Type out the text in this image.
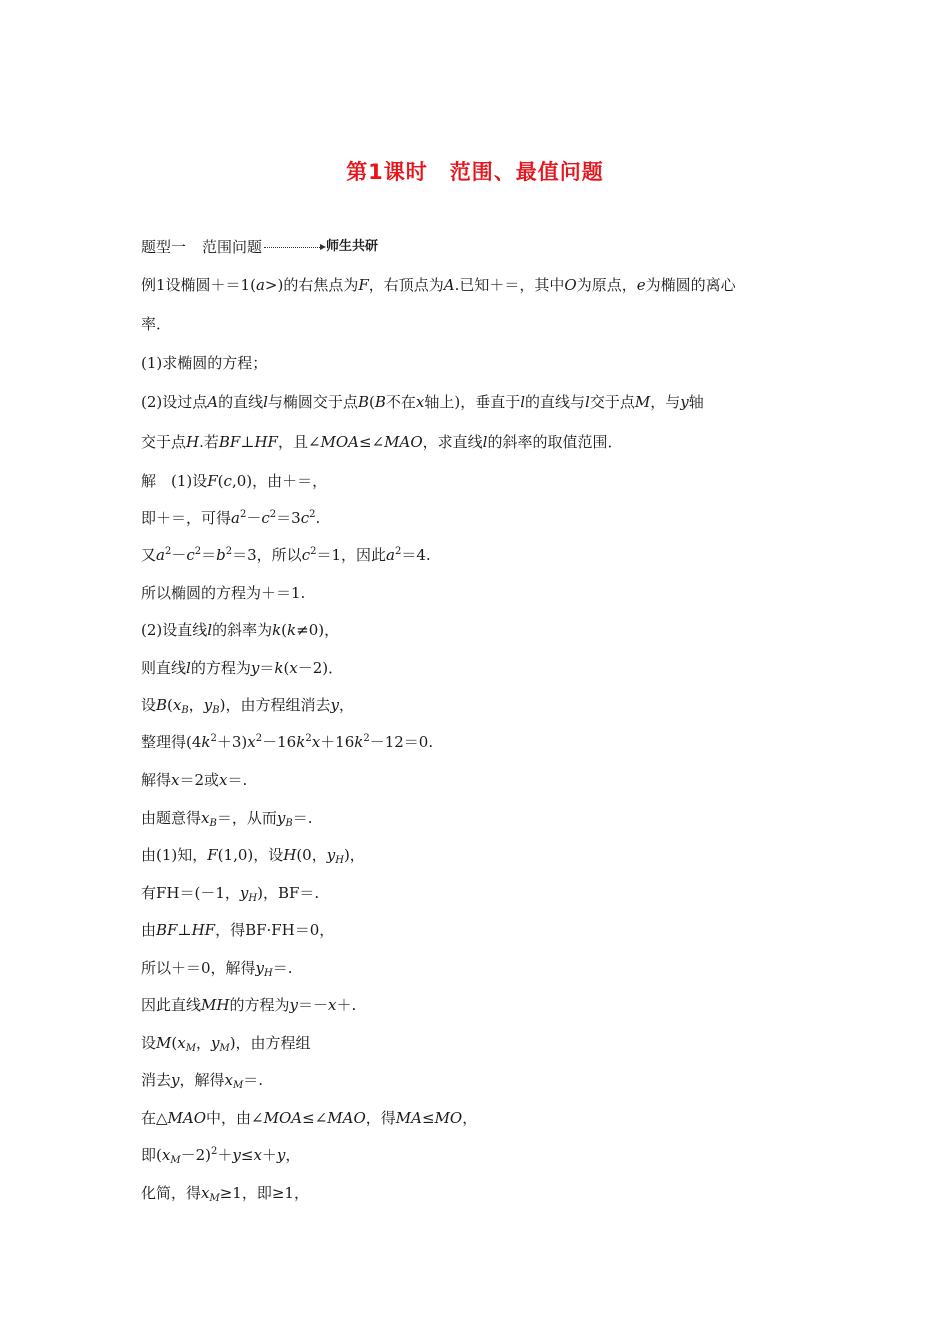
第1课时　范围、最值问题
题型一 范围问题	师生共研
例1设椭圆＋＝1(a>)的右焦点为F，右顶点为A.已知＋＝，其中O为原点，e为椭圆的离心
率．
(1)求椭圆的方程；
(2)设过点A的直线l与椭圆交于点B(B不在x轴上)，垂直于l的直线与l交于点M，与y轴
交于点H.若BF⊥HF，且∠MOA≤∠MAO，求直线l的斜率的取值范围．
解　(1)设F(c,0)，由＋＝，
即＋＝，可得$a^2-c^2=3c^2$.
又$a^2-c^2=b^2=3$，所以$c^2=1$，因此$a^2=4$.
所以椭圆的方程为＋＝1.
(2)设直线l的斜率为k(k≠0)，
则直线l的方程为y＝k(x－2)．
设$B(x_B$，$y_B$)，由方程组消去y，
整理得$(4k^2+3)x^2-16k^2x+16k^2-12=0$.
解得x＝2或x＝.
由题意得$x_B=$，从而$y_B=$.
由(1)知，F(1,0)，设H(0，$y_H$)，
有FH＝(－1，$y_H$)，BF＝.
由BF⊥HF，得BF·FH＝0，
所以＋＝0，解得$y_H=$.
因此直线MH的方程为y＝－x＋.
设$M(x_M$，$y_M$)，由方程组
消去y，解得$x_M=$.
在△MAO中，由∠MOA≤∠MAO，得MA≤MO，
即$(x_M-2)^2+y\le x+y$，
化简，得$x_M\ge 1$，即≥1，
